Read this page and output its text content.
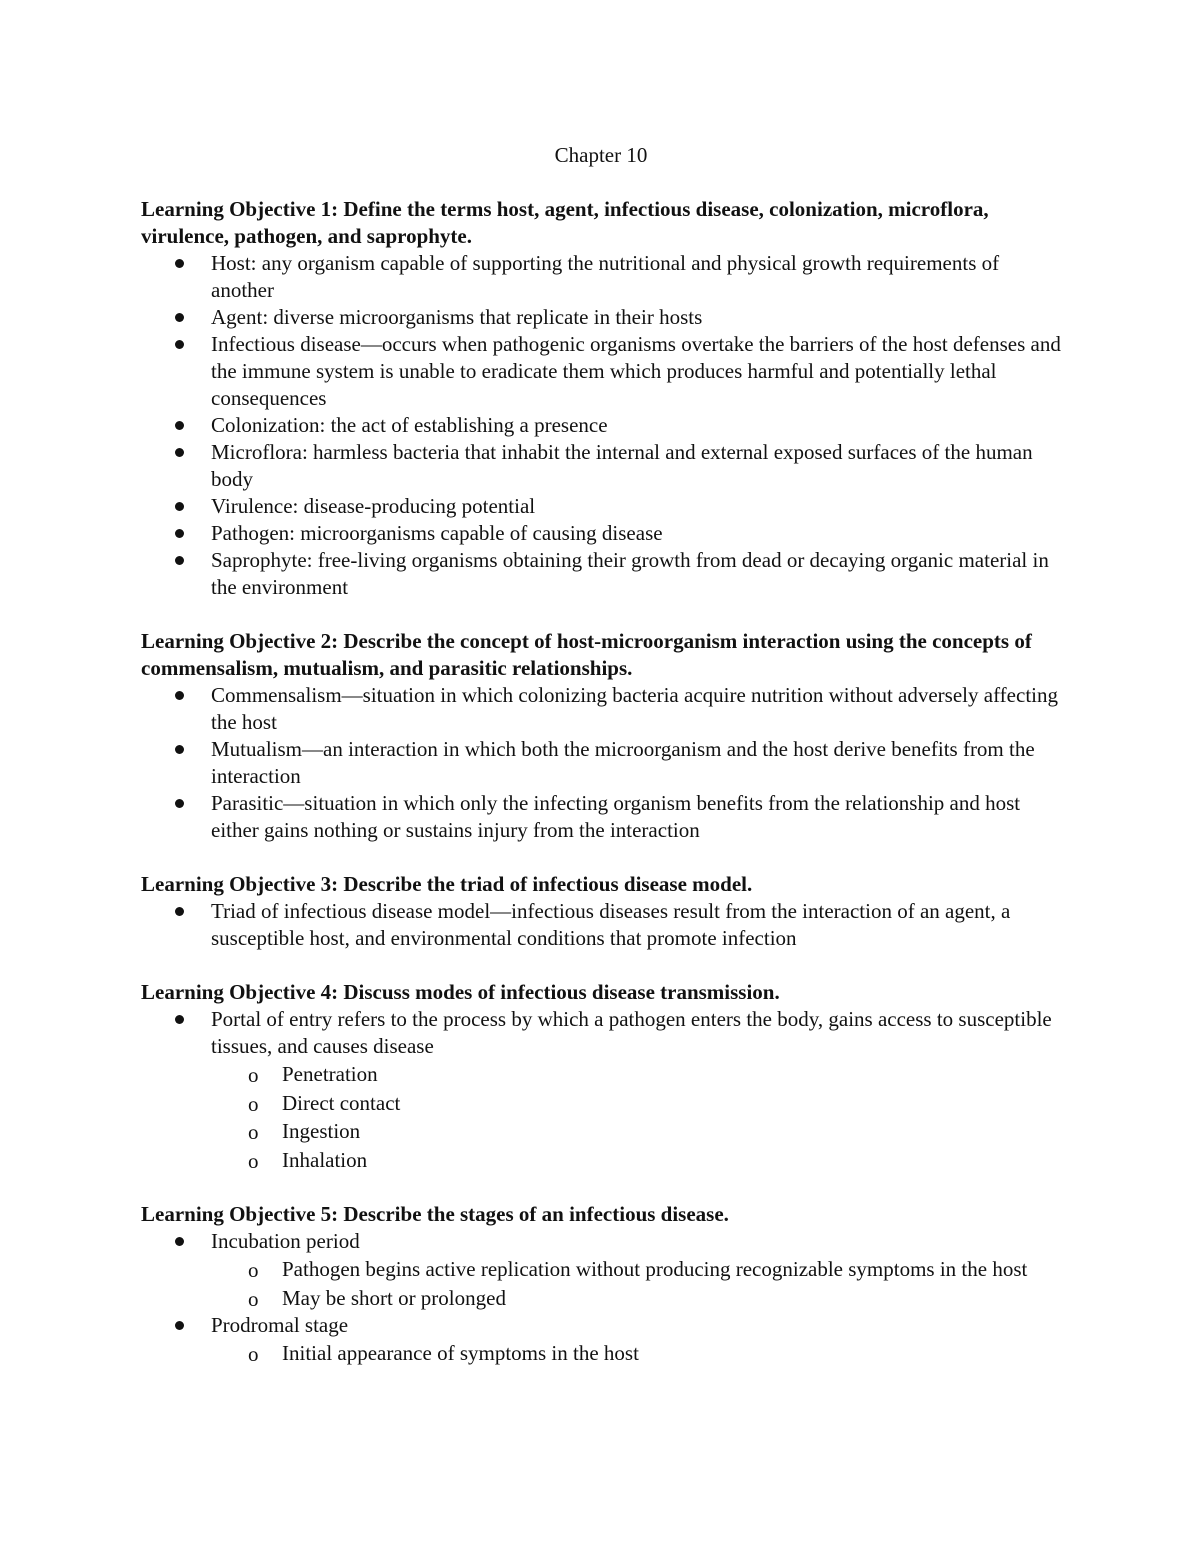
Chapter 10

Learning Objective 1: Define the terms host, agent, infectious disease, colonization, microflora, virulence, pathogen, and saprophyte.

Host: any organism capable of supporting the nutritional and physical growth requirements of another
Agent: diverse microorganisms that replicate in their hosts
Infectious disease—occurs when pathogenic organisms overtake the barriers of the host defenses and the immune system is unable to eradicate them which produces harmful and potentially lethal consequences
Colonization: the act of establishing a presence
Microflora: harmless bacteria that inhabit the internal and external exposed surfaces of the human body
Virulence: disease-producing potential
Pathogen: microorganisms capable of causing disease
Saprophyte: free-living organisms obtaining their growth from dead or decaying organic material in the environment

Learning Objective 2: Describe the concept of host-microorganism interaction using the concepts of commensalism, mutualism, and parasitic relationships.

Commensalism—situation in which colonizing bacteria acquire nutrition without adversely affecting the host
Mutualism—an interaction in which both the microorganism and the host derive benefits from the interaction
Parasitic—situation in which only the infecting organism benefits from the relationship and host either gains nothing or sustains injury from the interaction

Learning Objective 3: Describe the triad of infectious disease model.

Triad of infectious disease model—infectious diseases result from the interaction of an agent, a susceptible host, and environmental conditions that promote infection

Learning Objective 4: Discuss modes of infectious disease transmission.

Portal of entry refers to the process by which a pathogen enters the body, gains access to susceptible tissues, and causes disease
o Penetration
o Direct contact
o Ingestion
o Inhalation

Learning Objective 5: Describe the stages of an infectious disease.

Incubation period
o Pathogen begins active replication without producing recognizable symptoms in the host
o May be short or prolonged
Prodromal stage
o Initial appearance of symptoms in the host
